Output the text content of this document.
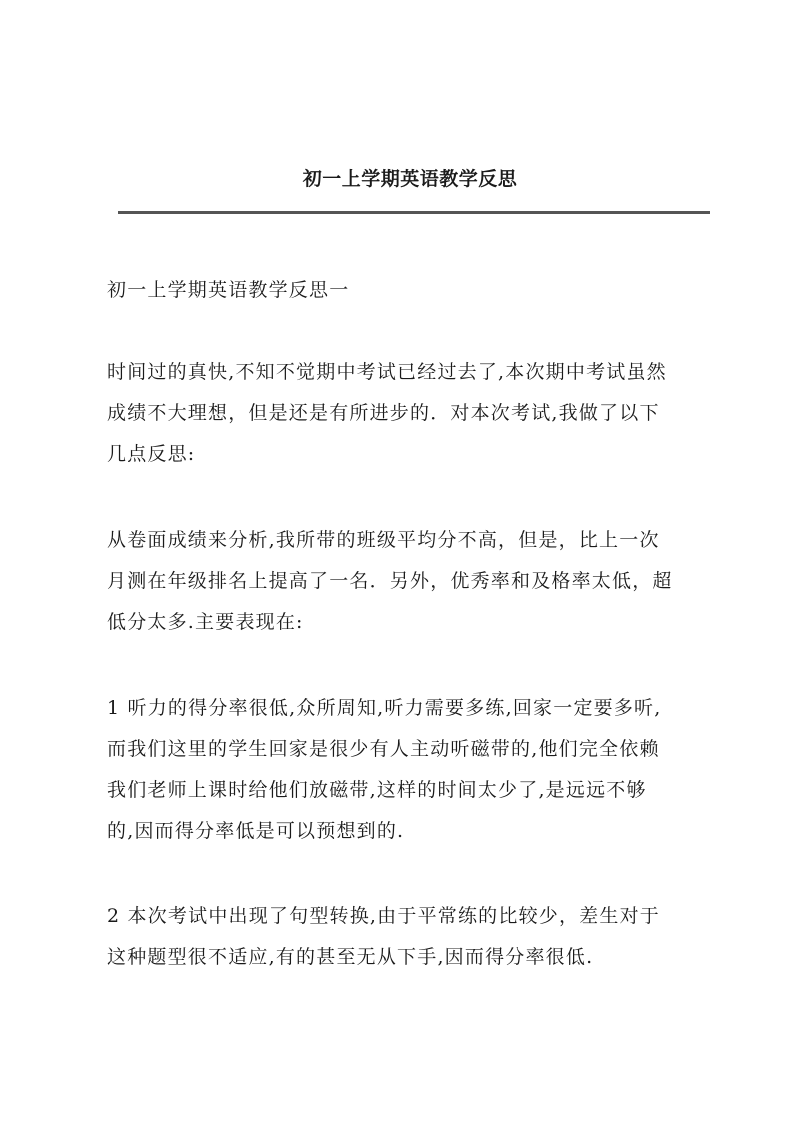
初一上学期英语教学反思
初一上学期英语教学反思一
时间过的真快,不知不觉期中考试已经过去了,本次期中考试虽然
成绩不大理想，但是还是有所进步的．对本次考试,我做了以下
几点反思:
从卷面成绩来分析,我所带的班级平均分不高，但是，比上一次
月测在年级排名上提高了一名．另外，优秀率和及格率太低，超
低分太多.主要表现在:
1 听力的得分率很低,众所周知,听力需要多练,回家一定要多听,
而我们这里的学生回家是很少有人主动听磁带的,他们完全依赖
我们老师上课时给他们放磁带,这样的时间太少了,是远远不够
的,因而得分率低是可以预想到的.
2 本次考试中出现了句型转换,由于平常练的比较少，差生对于
这种题型很不适应,有的甚至无从下手,因而得分率很低.
